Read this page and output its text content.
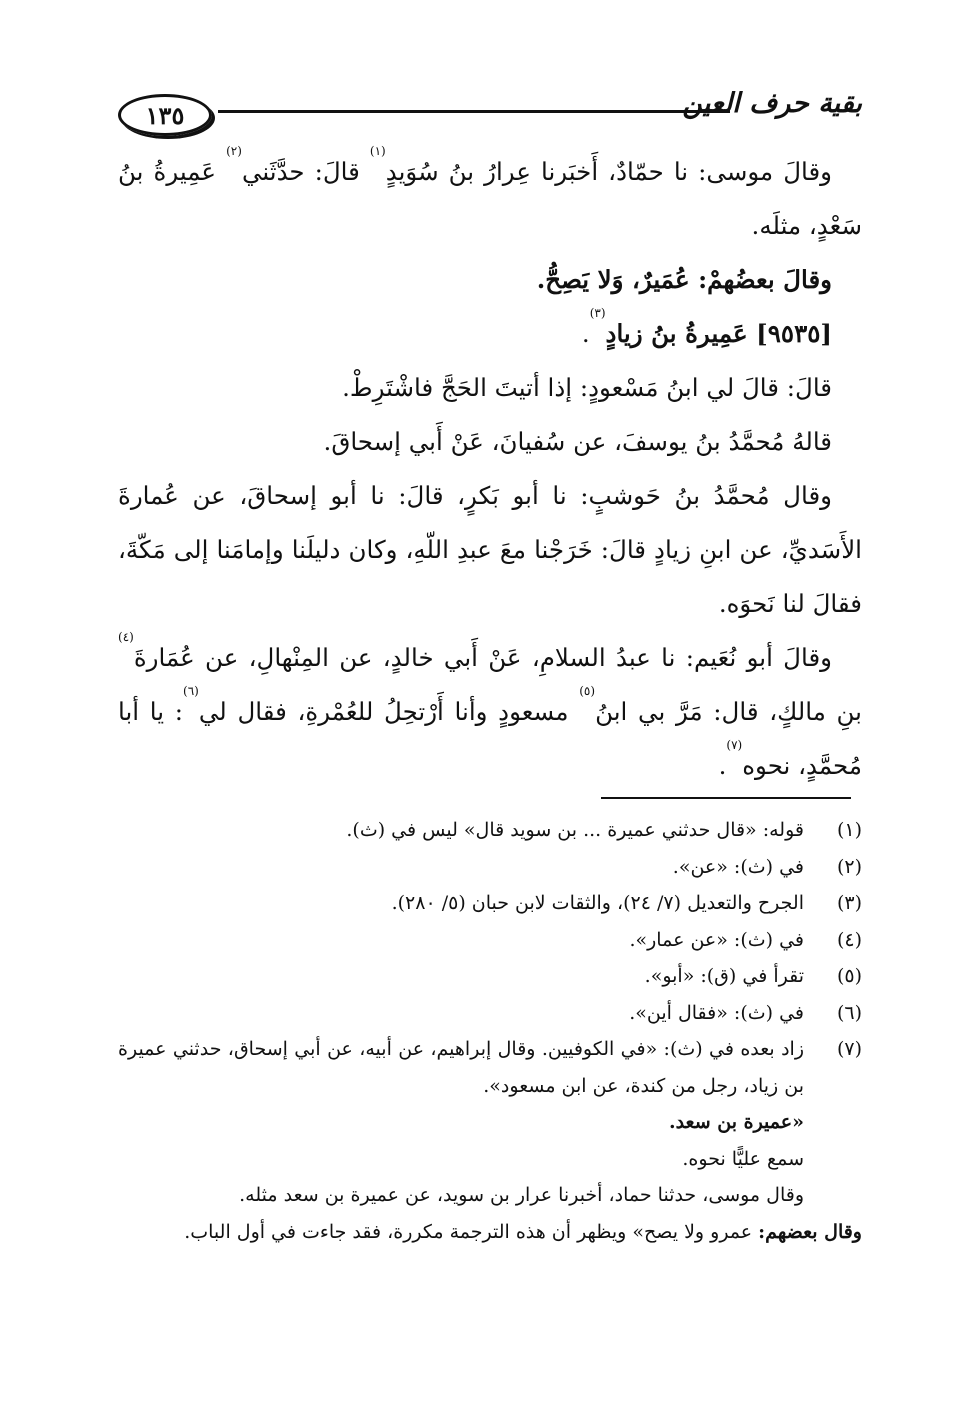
١٣٥	بقية حرف العين

وقالَ موسى: نا حمّادٌ، أَخبَرنا عِرارُ بنُ سُوَيدٍ$^{(١)}$ قالَ: حدَّثَني$^{(٢)}$ عَمِيرةُ بنُ سَعْدٍ، مثلَه.

وقالَ بعضُهمْ: عُمَيرٌ، وَلا يَصِحُّ.

[٩٥٣٥] عَمِيرةُ بنُ زيادٍ$^{(٣)}$.

قالَ: قالَ لي ابنُ مَسْعودٍ: إذا أتيتَ الحَجَّ فاشْتَرِطْ.

قالهُ مُحمَّدُ بنُ يوسفَ، عن سُفيانَ، عَنْ أَبي إسحاقَ.

وقال مُحمَّدُ بنُ حَوشبٍ: نا أبو بَكرٍ، قالَ: نا أبو إسحاقَ، عن عُمارةَ الأَسَديِّ، عن ابنِ زيادٍ قالَ: خَرَجْنا معَ عبدِ اللّهِ، وكان دليلَنا وإمامَنا إلى مَكّةَ، فقالَ لنا نَحوَه.

وقالَ أبو نُعَيم: نا عبدُ السلامِ، عَنْ أَبي خالدٍ، عن المِنْهالِ، عن عُمَارةَ$^{(٤)}$ بنِ مالكٍ، قال: مَرَّ بي ابنُ$^{(٥)}$ مسعودٍ وأنا أَرْتحِلُ للعُمْرةِ، فقال لي$^{(٦)}$: يا أبا مُحمَّدٍ، نحوه$^{(٧)}$.

(١)
قوله: «قال حدثني عميرة ... بن سويد قال» ليس في (ث).
(٢)
في (ث): «عن».
(٣)
الجرح والتعديل (٧/ ٢٤)، والثقات لابن حبان (٥/ ٢٨٠).
(٤)
في (ث): «عن عمار».
(٥)
تقرأ في (ق): «أبو».
(٦)
في (ث): «فقال أين».
(٧)
زاد بعده في (ث): «في الكوفيين. وقال إبراهيم، عن أبيه، عن أبي إسحاق، حدثني عميرة بن زياد، رجل من كندة، عن ابن مسعود».
«عميرة بن سعد.
سمع عليًّا نحوه.
وقال موسى، حدثنا حماد، أخبرنا عرار بن سويد، عن عميرة بن سعد مثله.
وقال بعضهم: عمرو ولا يصح» ويظهر أن هذه الترجمة مكررة، فقد جاءت في أول الباب.
